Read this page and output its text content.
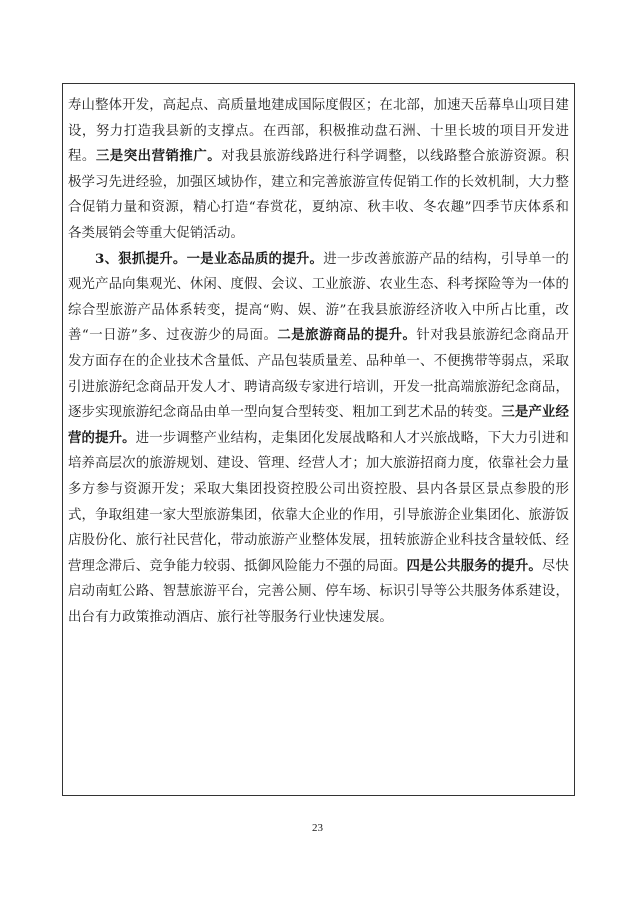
寿山整体开发，高起点、高质量地建成国际度假区；在北部，加速天岳幕阜山项目建设，努力打造我县新的支撑点。在西部，积极推动盘石洲、十里长坡的项目开发进程。三是突出营销推广。对我县旅游线路进行科学调整，以线路整合旅游资源。积极学习先进经验，加强区域协作，建立和完善旅游宣传促销工作的长效机制，大力整合促销力量和资源，精心打造“春赏花，夏纳凉、秋丰收、冬农趣”四季节庆体系和各类展销会等重大促销活动。

3、狠抓提升。一是业态品质的提升。进一步改善旅游产品的结构，引导单一的观光产品向集观光、休闲、度假、会议、工业旅游、农业生态、科考探险等为一体的综合型旅游产品体系转变，提高“购、娱、游”在我县旅游经济收入中所占比重，改善“一日游”多、过夜游少的局面。二是旅游商品的提升。针对我县旅游纪念商品开发方面存在的企业技术含量低、产品包装质量差、品种单一、不便携带等弱点，采取引进旅游纪念商品开发人才、聘请高级专家进行培训，开发一批高端旅游纪念商品，逐步实现旅游纪念商品由单一型向复合型转变、粗加工到艺术品的转变。三是产业经营的提升。进一步调整产业结构，走集团化发展战略和人才兴旅战略，下大力引进和培养高层次的旅游规划、建设、管理、经营人才；加大旅游招商力度，依靠社会力量多方参与资源开发；采取大集团投资控股公司出资控股、县内各景区景点参股的形式，争取组建一家大型旅游集团，依靠大企业的作用，引导旅游企业集团化、旅游饭店股份化、旅行社民营化，带动旅游产业整体发展，扭转旅游企业科技含量较低、经营理念滞后、竞争能力较弱、抵御风险能力不强的局面。四是公共服务的提升。尽快启动南虹公路、智慧旅游平台，完善公厕、停车场、标识引导等公共服务体系建设，出台有力政策推动酒店、旅行社等服务行业快速发展。

23
